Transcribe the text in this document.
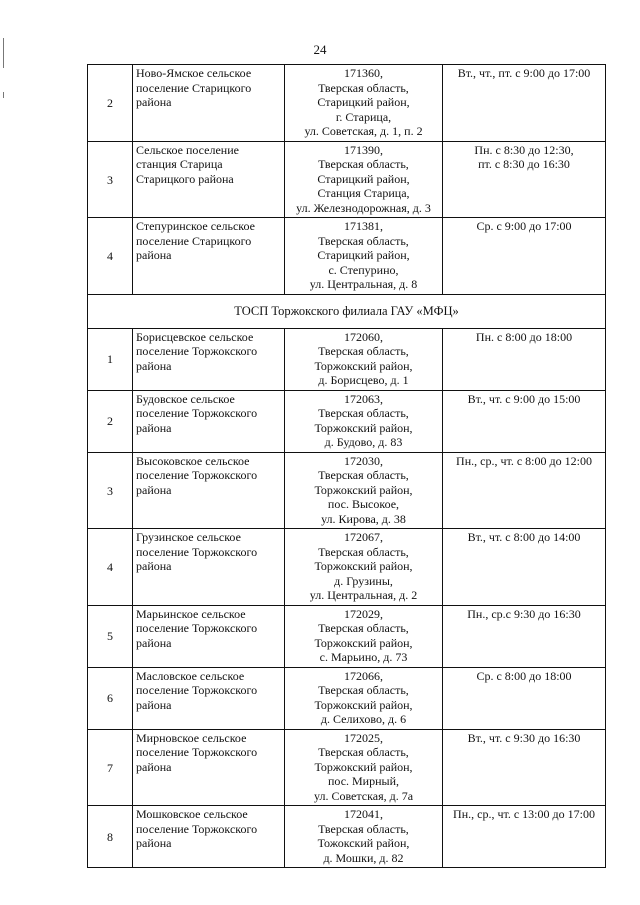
24
2	Ново-Ямское сельское
поселение Старицкого
района	171360,
Тверская область,
Старицкий район,
г. Старица,
ул. Советская, д. 1, п. 2	Вт., чт., пт. с 9:00 до 17:00

3	Сельское поселение
станция Старица
Старицкого района	171390,
Тверская область,
Старицкий район,
Станция Старица,
ул. Железнодорожная, д. 3	Пн. с 8:30 до 12:30,
пт. с 8:30 до 16:30

4	Степуринское сельское
поселение Старицкого
района	171381,
Тверская область,
Старицкий район,
с. Степурино,
ул. Центральная, д. 8	Ср. с 9:00 до 17:00

ТОСП Торжокского филиала ГАУ «МФЦ»			
1	Борисцевское сельское
поселение Торжокского
района	172060,
Тверская область,
Торжокский район,
д. Борисцево, д. 1	Пн. с 8:00 до 18:00

2	Будовское сельское
поселение Торжокского
района	172063,
Тверская область,
Торжокский район,
д. Будово, д. 83	Вт., чт. с 9:00 до 15:00

3	Высоковское сельское
поселение Торжокского
района	172030,
Тверская область,
Торжокский район,
пос. Высокое,
ул. Кирова, д. 38	Пн., ср., чт. с 8:00 до 12:00

4	Грузинское сельское
поселение Торжокского
района	172067,
Тверская область,
Торжокский район,
д. Грузины,
ул. Центральная, д. 2	Вт., чт. с 8:00 до 14:00

5	Марьинское сельское
поселение Торжокского
района	172029,
Тверская область,
Торжокский район,
с. Марьино, д. 73	Пн., ср.с 9:30 до 16:30

6	Масловское сельское
поселение Торжокского
района	172066,
Тверская область,
Торжокский район,
д. Селихово, д. 6	Ср. с 8:00 до 18:00

7	Мирновское сельское
поселение Торжокского
района	172025,
Тверская область,
Торжокский район,
пос. Мирный,
ул. Советская, д. 7а	Вт., чт. с 9:30 до 16:30

8	Мошковское сельское
поселение Торжокского
района	172041,
Тверская область,
Тожокский район,
д. Мошки, д. 82	Пн., ср., чт. с 13:00 до 17:00
